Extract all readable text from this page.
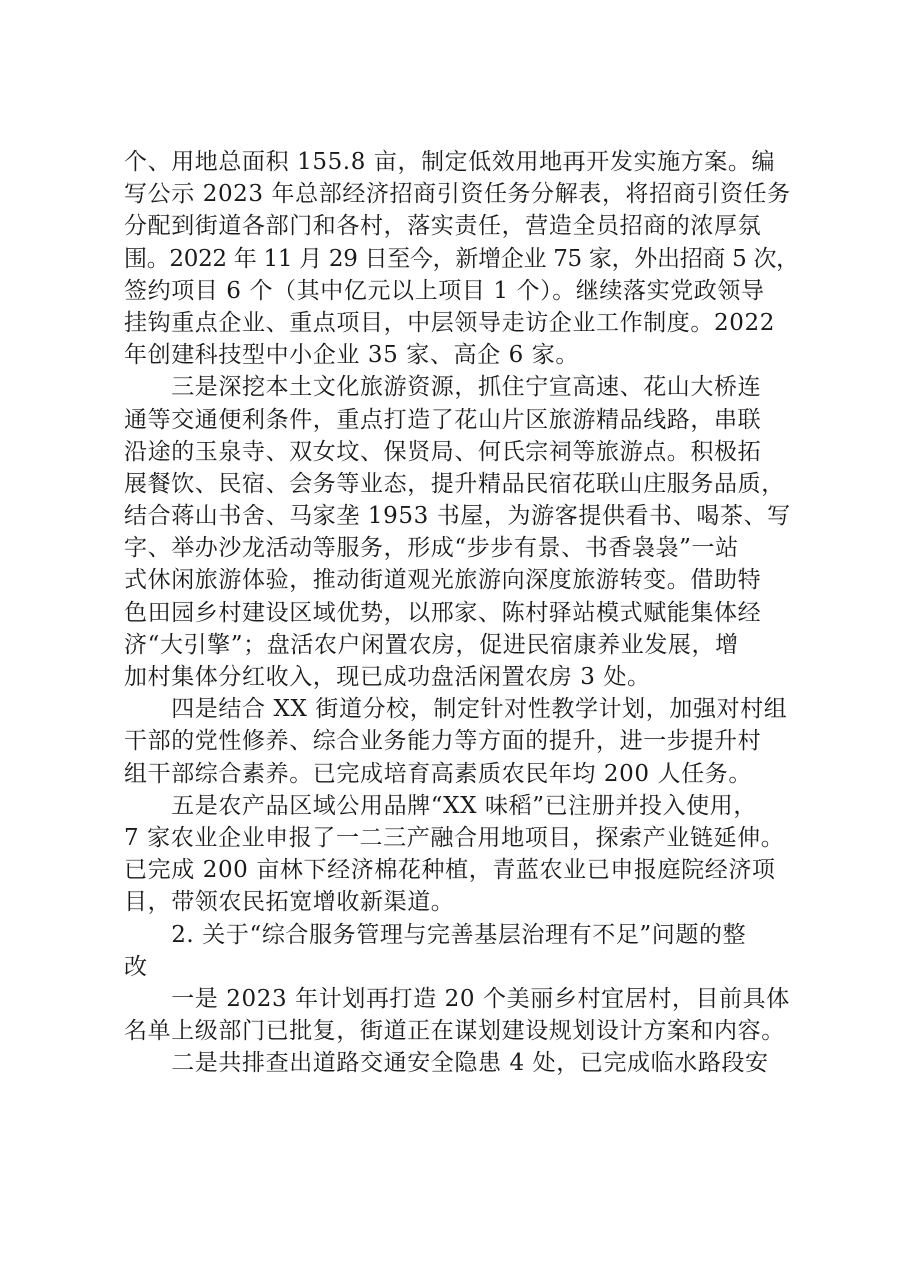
个、用地总面积 155.8 亩，制定低效用地再开发实施方案。编
写公示 2023 年总部经济招商引资任务分解表，将招商引资任务
分配到街道各部门和各村，落实责任，营造全员招商的浓厚氛
围。2022 年 11 月 29 日至今，新增企业 75 家，外出招商 5 次，
签约项目 6 个（其中亿元以上项目 1 个）。继续落实党政领导
挂钩重点企业、重点项目，中层领导走访企业工作制度。2022
年创建科技型中小企业 35 家、高企 6 家。

　　三是深挖本土文化旅游资源，抓住宁宣高速、花山大桥连
通等交通便利条件，重点打造了花山片区旅游精品线路，串联
沿途的玉泉寺、双女坟、保贤局、何氏宗祠等旅游点。积极拓
展餐饮、民宿、会务等业态，提升精品民宿花联山庄服务品质，
结合蒋山书舍、马家垄 1953 书屋，为游客提供看书、喝茶、写
字、举办沙龙活动等服务，形成“步步有景、书香袅袅”一站
式休闲旅游体验，推动街道观光旅游向深度旅游转变。借助特
色田园乡村建设区域优势，以邢家、陈村驿站模式赋能集体经
济“大引擎”；盘活农户闲置农房，促进民宿康养业发展，增
加村集体分红收入，现已成功盘活闲置农房 3 处。

　　四是结合 XX 街道分校，制定针对性教学计划，加强对村组
干部的党性修养、综合业务能力等方面的提升，进一步提升村
组干部综合素养。已完成培育高素质农民年均 200 人任务。

　　五是农产品区域公用品牌“XX 味稻”已注册并投入使用，
7 家农业企业申报了一二三产融合用地项目，探索产业链延伸。
已完成 200 亩林下经济棉花种植，青蓝农业已申报庭院经济项
目，带领农民拓宽增收新渠道。

　　2. 关于“综合服务管理与完善基层治理有不足”问题的整
改

　　一是 2023 年计划再打造 20 个美丽乡村宜居村，目前具体
名单上级部门已批复，街道正在谋划建设规划设计方案和内容。

　　二是共排查出道路交通安全隐患 4 处，已完成临水路段安
